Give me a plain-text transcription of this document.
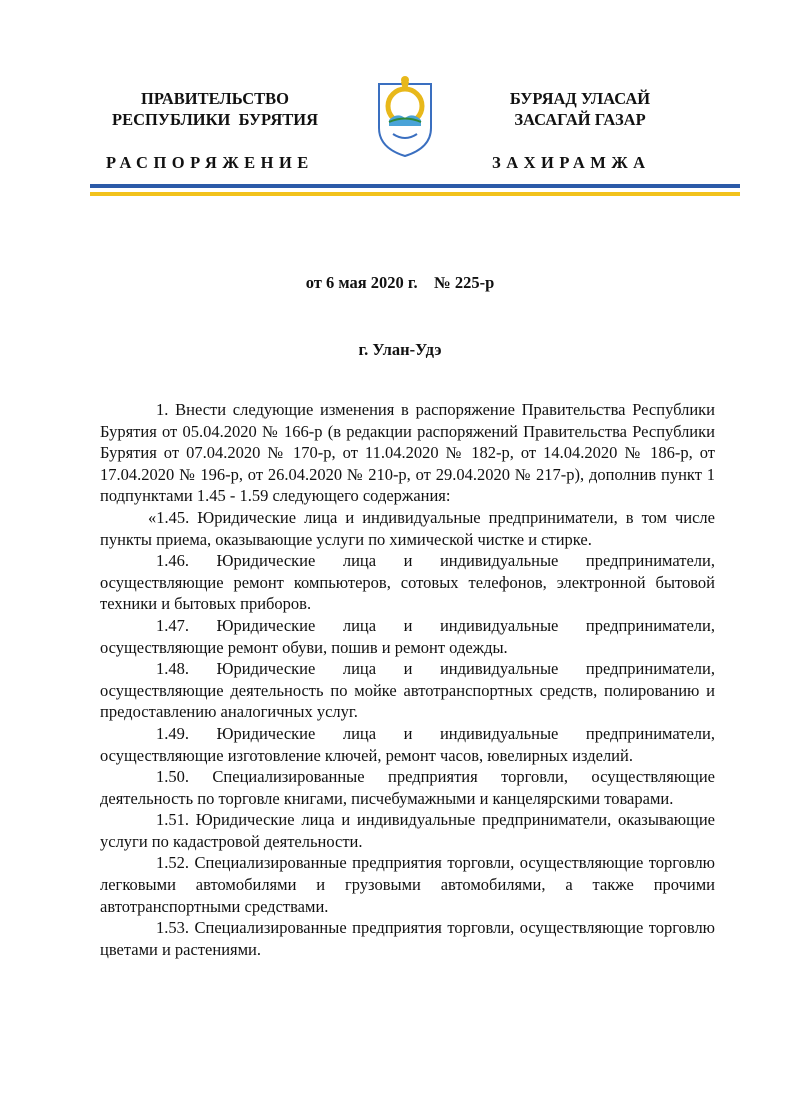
ПРАВИТЕЛЬСТВО
РЕСПУБЛИКИ  БУРЯТИЯ
БУРЯАД УЛАСАЙ
ЗАСАГАЙ ГАЗАР
РАСПОРЯЖЕНИЕ	ЗАХИРАМЖА
от 6 мая 2020 г.    № 225-р
г. Улан-Удэ

1. Внести следующие изменения в распоряжение Правительства Республики Бурятия от 05.04.2020 № 166-р (в редакции распоряжений Правительства Республики Бурятия от 07.04.2020 № 170-р, от 11.04.2020 № 182-р, от 14.04.2020 № 186-р, от 17.04.2020 № 196-р, от 26.04.2020 № 210-р, от 29.04.2020 № 217-р), дополнив пункт 1 подпунктами 1.45 - 1.59 следующего содержания:

«1.45. Юридические лица и индивидуальные предприниматели, в том числе пункты приема, оказывающие услуги по химической чистке и стирке.

1.46. Юридические лица и индивидуальные предприниматели, осуществляющие ремонт компьютеров, сотовых телефонов, электронной бытовой техники и бытовых приборов.

1.47. Юридические лица и индивидуальные предприниматели, осуществляющие ремонт обуви, пошив и ремонт одежды.

1.48. Юридические лица и индивидуальные предприниматели, осуществляющие деятельность по мойке автотранспортных средств, полированию и предоставлению аналогичных услуг.

1.49. Юридические лица и индивидуальные предприниматели, осуществляющие изготовление ключей, ремонт часов, ювелирных изделий.

1.50. Специализированные предприятия торговли, осуществляющие деятельность по торговле книгами, писчебумажными и канцелярскими товарами.

1.51. Юридические лица и индивидуальные предприниматели, оказывающие услуги по кадастровой деятельности.

1.52. Специализированные предприятия торговли, осуществляющие торговлю легковыми автомобилями и грузовыми автомобилями, а также прочими автотранспортными средствами.

1.53. Специализированные предприятия торговли, осуществляющие торговлю цветами и растениями.
